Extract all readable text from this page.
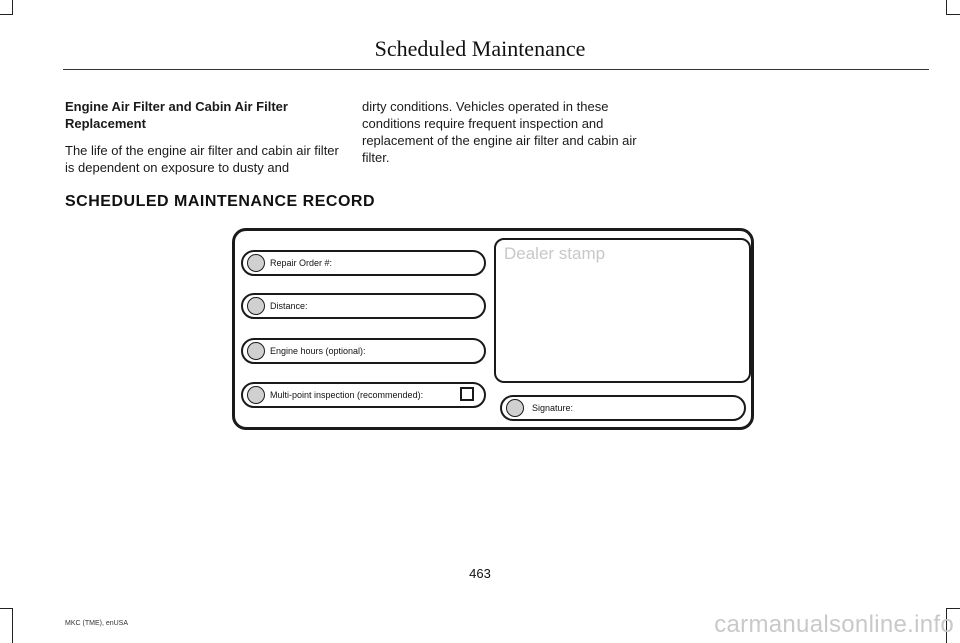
Scheduled Maintenance

Engine Air Filter and Cabin Air Filter Replacement

The life of the engine air filter and cabin air filter is dependent on exposure to dusty and

dirty conditions. Vehicles operated in these conditions require frequent inspection and replacement of the engine air filter and cabin air filter.

SCHEDULED MAINTENANCE RECORD
Repair Order #:
Distance:
Engine hours (optional):
Multi-point inspection (recommended):
Dealer stamp
Signature:
463
MKC (TME), enUSA	carmanualsonline.info
